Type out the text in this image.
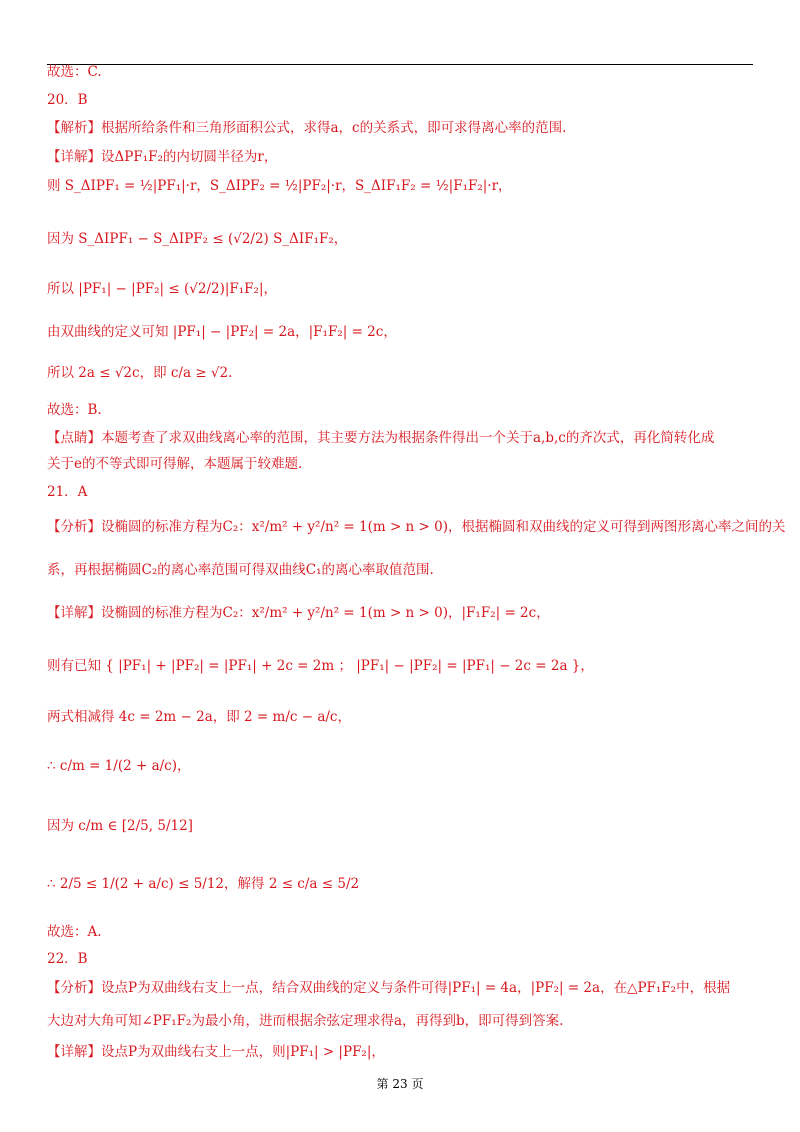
故选：C.
20．B
【解析】根据所给条件和三角形面积公式，求得a，c的关系式，即可求得离心率的范围.
【详解】设ΔPF₁F₂的内切圆半径为r，
则 S_ΔIPF₁ = ½|PF₁|·r，S_ΔIPF₂ = ½|PF₂|·r，S_ΔIF₁F₂ = ½|F₁F₂|·r，
因为 S_ΔIPF₁ − S_ΔIPF₂ ≤ (√2/2) S_ΔIF₁F₂，
所以 |PF₁| − |PF₂| ≤ (√2/2)|F₁F₂|，
由双曲线的定义可知 |PF₁| − |PF₂| = 2a，|F₁F₂| = 2c，
所以 2a ≤ √2c，即 c/a ≥ √2.
故选：B.
【点睛】本题考查了求双曲线离心率的范围，其主要方法为根据条件得出一个关于a,b,c的齐次式，再化简转化成
关于e的不等式即可得解，本题属于较难题.
21．A
【分析】设椭圆的标准方程为C₂：x²/m² + y²/n² = 1(m > n > 0)，根据椭圆和双曲线的定义可得到两图形离心率之间的关
系，再根据椭圆C₂的离心率范围可得双曲线C₁的离心率取值范围.
【详解】设椭圆的标准方程为C₂：x²/m² + y²/n² = 1(m > n > 0)，|F₁F₂| = 2c，
则有已知 { |PF₁| + |PF₂| = |PF₁| + 2c = 2m ； |PF₁| − |PF₂| = |PF₁| − 2c = 2a }，
两式相减得 4c = 2m − 2a，即 2 = m/c − a/c，
∴ c/m = 1/(2 + a/c)，
因为 c/m ∈ [2/5, 5/12]
∴ 2/5 ≤ 1/(2 + a/c) ≤ 5/12，解得 2 ≤ c/a ≤ 5/2
故选：A.
22．B
【分析】设点P为双曲线右支上一点，结合双曲线的定义与条件可得|PF₁| = 4a，|PF₂| = 2a，在△PF₁F₂中，根据
大边对大角可知∠PF₁F₂为最小角，进而根据余弦定理求得a，再得到b，即可得到答案.
【详解】设点P为双曲线右支上一点，则|PF₁| > |PF₂|，
第 23 页
